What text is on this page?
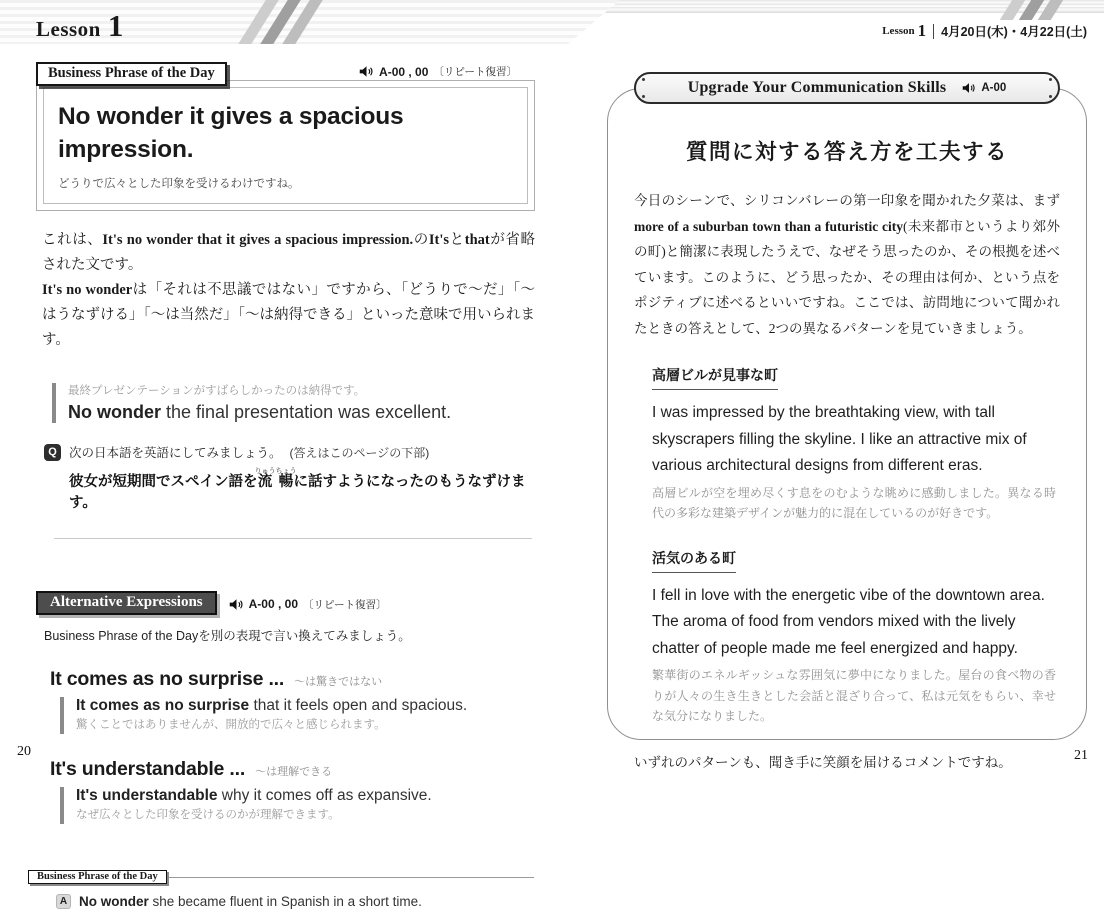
Lesson 1	Lesson 1 4月20日(木)・4月22日(土)
Business Phrase of the Day	A-00 , 00 〔リピート復習〕
No wonder it gives a spacious impression.
どうりで広々とした印象を受けるわけですね。

これは、It's no wonder that it gives a spacious impression.のIt'sとthatが省略された文です。

It's no wonderは「それは不思議ではない」ですから、「どうりで〜だ」「〜はうなずける」「〜は当然だ」「〜は納得できる」といった意味で用いられます。

最終プレゼンテーションがすばらしかったのは納得です。
No wonder the final presentation was excellent.
Q 次の日本語を英語にしてみましょう。 (答えはこのページの下部)
彼女が短期間でスペイン語を流暢りゅうちょうに話すようになったのもうなずけます。
Alternative Expressions	A-00 , 00 〔リピート復習〕
Business Phrase of the Dayを別の表現で言い換えてみましょう。
It comes as no surprise ... 〜は驚きではない
It comes as no surprise that it feels open and spacious.
驚くことではありませんが、開放的で広々と感じられます。
It's understandable ... 〜は理解できる
It's understandable why it comes off as expansive.
なぜ広々とした印象を受けるのかが理解できます。
Business Phrase of the Day
A No wonder she became fluent in Spanish in a short time.
Upgrade Your Communication Skills	A-00
質問に対する答え方を工夫する

今日のシーンで、シリコンバレーの第一印象を聞かれた夕菜は、まずmore of a suburban town than a futuristic city(未来都市というより郊外の町)と簡潔に表現したうえで、なぜそう思ったのか、その根拠を述べています。このように、どう思ったか、その理由は何か、という点をポジティブに述べるといいですね。ここでは、訪問地について聞かれたときの答えとして、2つの異なるパターンを見ていきましょう。

高層ビルが見事な町
I was impressed by the breathtaking view, with tall skyscrapers filling the skyline. I like an attractive mix of various architectural designs from different eras.
高層ビルが空を埋め尽くす息をのむような眺めに感動しました。異なる時代の多彩な建築デザインが魅力的に混在しているのが好きです。
活気のある町
I fell in love with the energetic vibe of the downtown area. The aroma of food from vendors mixed with the lively chatter of people made me feel energized and happy.
繁華街のエネルギッシュな雰囲気に夢中になりました。屋台の食べ物の香りが人々の生き生きとした会話と混ざり合って、私は元気をもらい、幸せな気分になりました。

いずれのパターンも、聞き手に笑顔を届けるコメントですね。

20	21
